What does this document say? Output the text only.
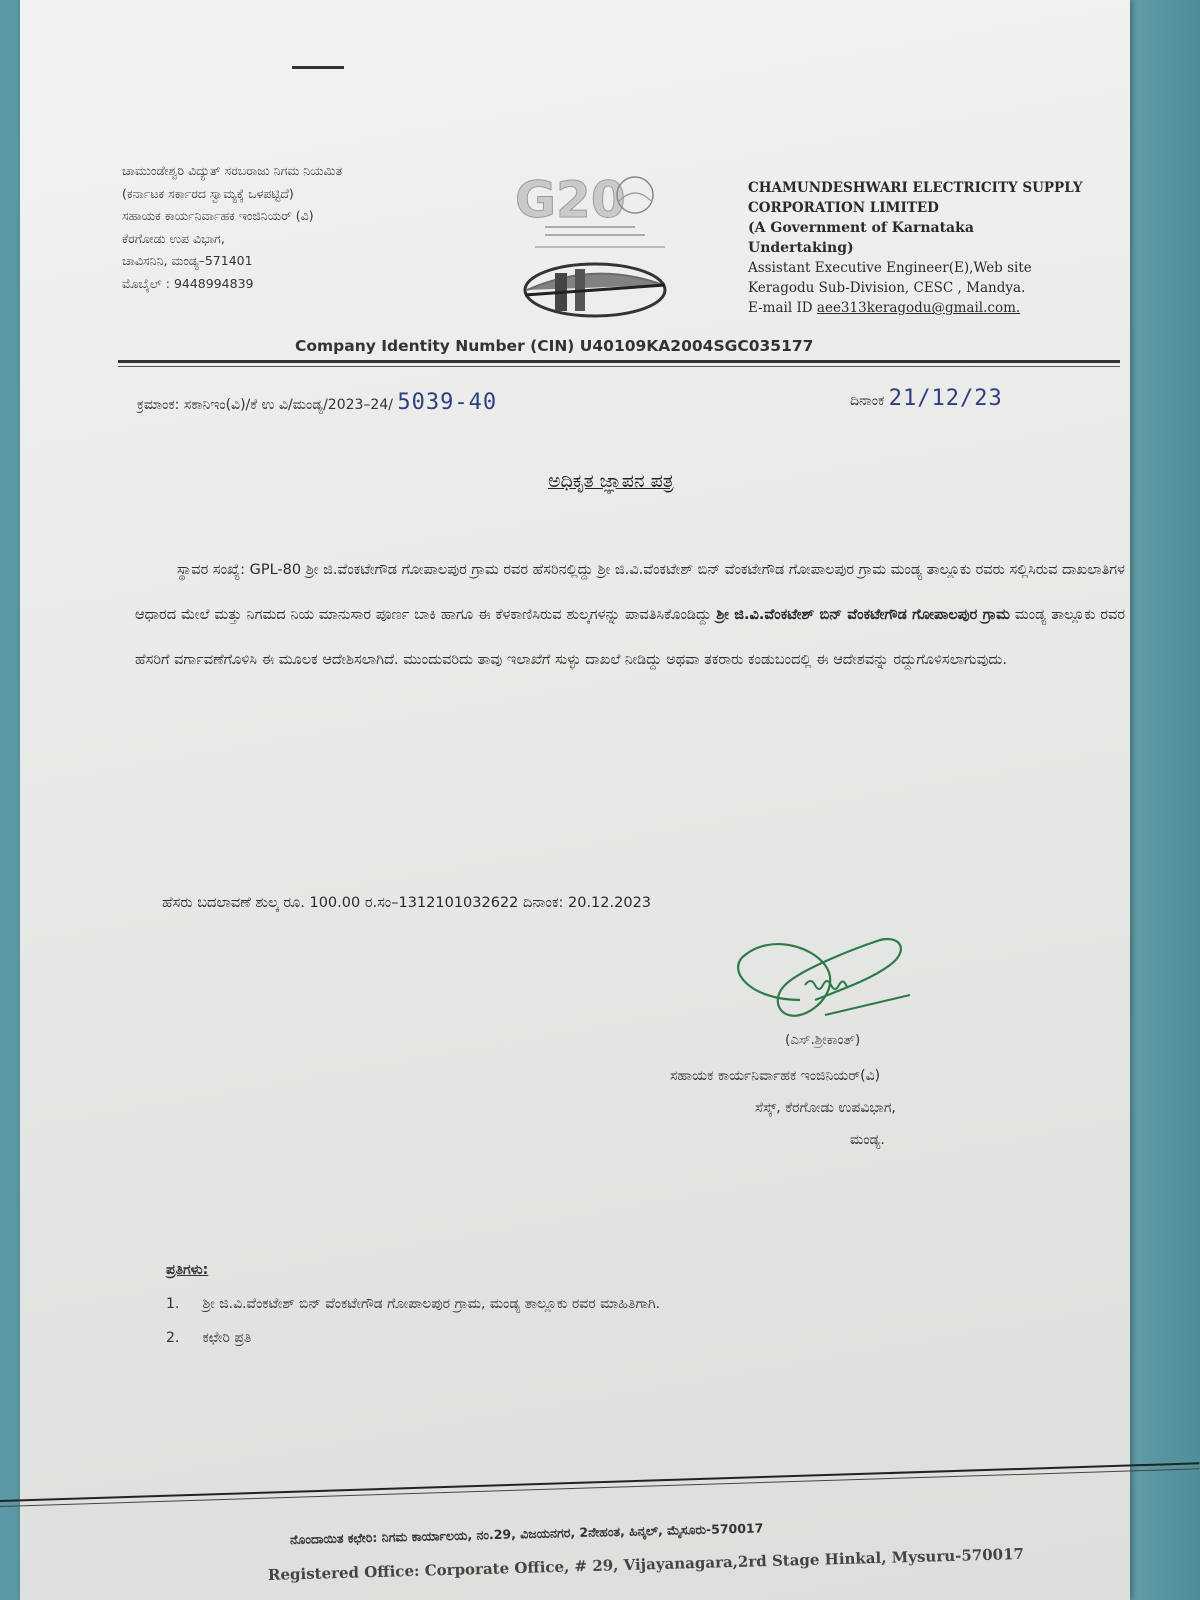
ಚಾಮುಂಡೇಶ್ವರಿ ವಿದ್ಯುತ್ ಸರಬರಾಜು ನಿಗಮ ನಿಯಮಿತ
(ಕರ್ನಾಟಕ ಸರ್ಕಾರದ ಸ್ವಾಮ್ಯಕ್ಕೆ ಒಳಪಟ್ಟಿದೆ)
ಸಹಾಯಕ ಕಾರ್ಯನಿರ್ವಾಹಕ ಇಂಜಿನಿಯರ್ (ವಿ)
ಕೆರಗೋಡು ಉಪ ವಿಭಾಗ,
ಚಾವಿಸನಿನಿ, ಮಂಡ್ಯ–571401
ಮೊಬೈಲ್ : 9448994839
G20	CHAMUNDESHWARI ELECTRICITY SUPPLY
CORPORATION LIMITED
(A Government of Karnataka
Undertaking)
Assistant Executive Engineer(E),Web site
Keragodu Sub-Division, CESC , Mandya.
E-mail ID aee313keragodu@gmail.com.
Company Identity Number (CIN) U40109KA2004SGC035177
ಕ್ರಮಾಂಕ: ಸಕಾನಿಇಂ(ವಿ)/ಕೆ ಉ ವಿ/ಮಂಡ್ಯ/2023–24/ 5039-40	ದಿನಾಂಕ 21/12/23
ಅಧಿಕೃತ ಜ್ಞಾಪನ ಪತ್ರ
ಸ್ಥಾವರ ಸಂಖ್ಯೆ: GPL-80 ಶ್ರೀ ಜಿ.ವೆಂಕಟೇಗೌಡ ಗೋಪಾಲಪುರ ಗ್ರಾಮ ರವರ ಹೆಸರಿನಲ್ಲಿದ್ದು ಶ್ರೀ ಜಿ.ವಿ.ವೆಂಕಟೇಶ್ ಬಿನ್ ವೆಂಕಟೇಗೌಡ ಗೋಪಾಲಪುರ ಗ್ರಾಮ ಮಂಡ್ಯ ತಾಲ್ಲೂಕು ರವರು ಸಲ್ಲಿಸಿರುವ ದಾಖಲಾತಿಗಳ ಆಧಾರದ ಮೇಲೆ ಮತ್ತು ನಿಗಮದ ನಿಯ ಮಾನುಸಾರ ಪೂರ್ಣ ಬಾಕಿ ಹಾಗೂ ಈ ಕೆಳಕಾಣಿಸಿರುವ ಶುಲ್ಕಗಳನ್ನು ಪಾವತಿಸಿಕೊಂಡಿದ್ದು ಶ್ರೀ ಜಿ.ವಿ.ವೆಂಕಟೇಶ್ ಬಿನ್ ವೆಂಕಟೇಗೌಡ ಗೋಪಾಲಪುರ ಗ್ರಾಮ ಮಂಡ್ಯ ತಾಲ್ಲೂಕು ರವರ ಹೆಸರಿಗೆ ವರ್ಗಾವಣೆಗೊಳಿಸಿ ಈ ಮೂಲಕ ಆದೇಶಿಸಲಾಗಿದೆ. ಮುಂದುವರಿದು ತಾವು ಇಲಾಖೆಗೆ ಸುಳ್ಳು ದಾಖಲೆ ನೀಡಿದ್ದು ಅಥವಾ ತಕರಾರು ಕಂಡುಬಂದಲ್ಲಿ ಈ ಆದೇಶವನ್ನು ರದ್ದುಗೊಳಿಸಲಾಗುವುದು.
ಹೆಸರು ಬದಲಾವಣೆ ಶುಲ್ಕ ರೂ. 100.00 ರ.ಸಂ–1312101032622 ದಿನಾಂಕ: 20.12.2023
(ಎಸ್.ಶ್ರೀಕಾಂತ್)
ಸಹಾಯಕ ಕಾರ್ಯನಿರ್ವಾಹಕ ಇಂಜಿನಿಯರ್(ವಿ)
ಸೆಸ್ಕ್, ಕೆರಗೋಡು ಉಪವಿಭಾಗ,
ಮಂಡ್ಯ.
ಪ್ರತಿಗಳು:
1. ಶ್ರೀ ಜಿ.ವಿ.ವೆಂಕಟೇಶ್ ಬಿನ್ ವೆಂಕಟೇಗೌಡ ಗೋಪಾಲಪುರ ಗ್ರಾಮ, ಮಂಡ್ಯ ತಾಲ್ಲೂಕು ರವರ ಮಾಹಿತಿಗಾಗಿ.
2. ಕಛೇರಿ ಪ್ರತಿ
ನೊಂದಾಯಿತ ಕಛೇರಿ: ನಿಗಮ ಕಾರ್ಯಾಲಯ, ನಂ.29, ವಿಜಯನಗರ, 2ನೇಹಂತ, ಹಿನ್ಕಲ್, ಮೈಸೂರು-570017
Registered Office: Corporate Office, # 29, Vijayanagara,2rd Stage Hinkal, Mysuru-570017
